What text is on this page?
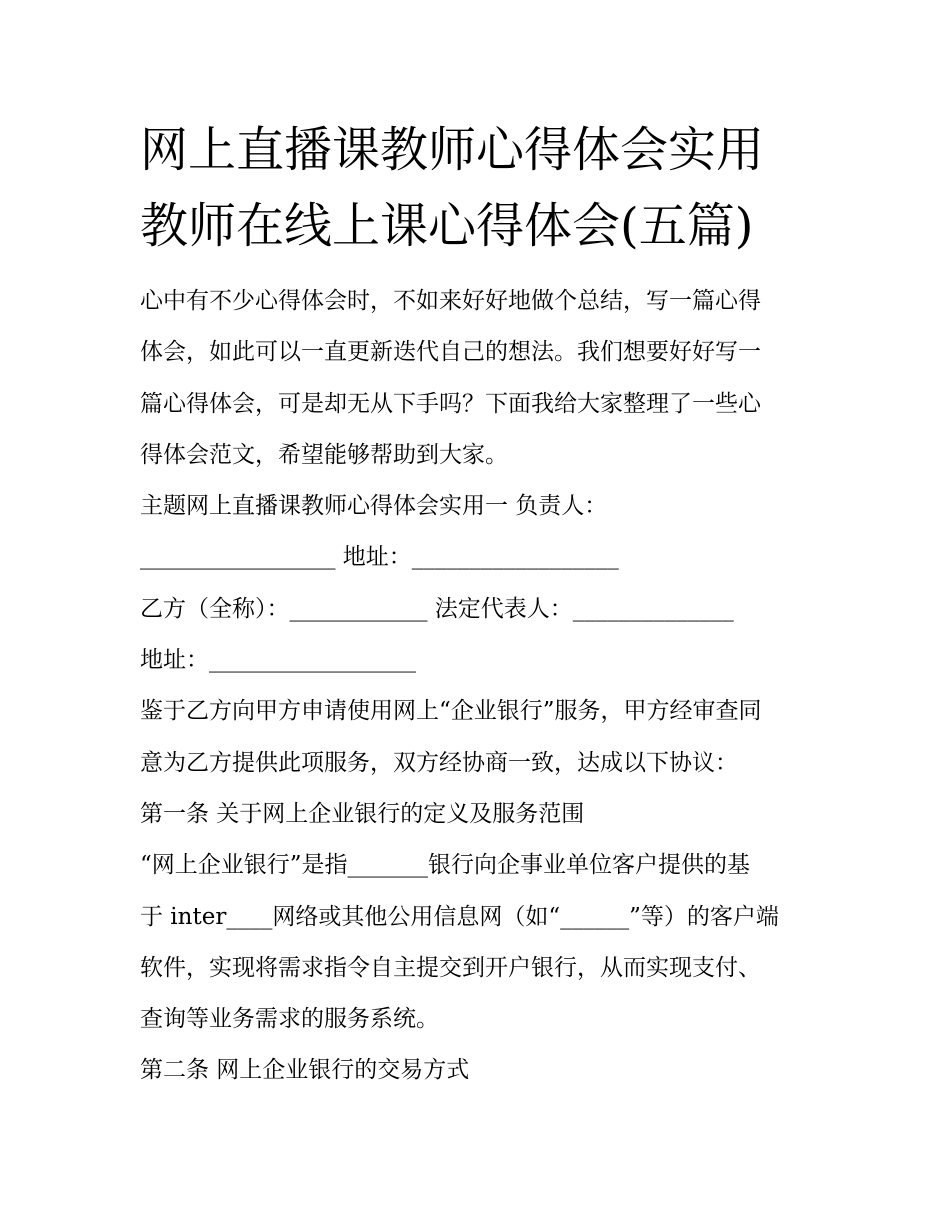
网上直播课教师心得体会实用
教师在线上课心得体会(五篇)
心中有不少心得体会时，不如来好好地做个总结，写一篇心得
体会，如此可以一直更新迭代自己的想法。我们想要好好写一
篇心得体会，可是却无从下手吗？下面我给大家整理了一些心
得体会范文，希望能够帮助到大家。
主题网上直播课教师心得体会实用一 负责人：
_________________ 地址：__________________
乙方（全称）：____________ 法定代表人：______________
地址：__________________
鉴于乙方向甲方申请使用网上“企业银行”服务，甲方经审查同
意为乙方提供此项服务，双方经协商一致，达成以下协议：
第一条 关于网上企业银行的定义及服务范围
“网上企业银行”是指_______银行向企事业单位客户提供的基
于 inter____网络或其他公用信息网（如“______”等）的客户端
软件，实现将需求指令自主提交到开户银行，从而实现支付、
查询等业务需求的服务系统。
第二条 网上企业银行的交易方式
